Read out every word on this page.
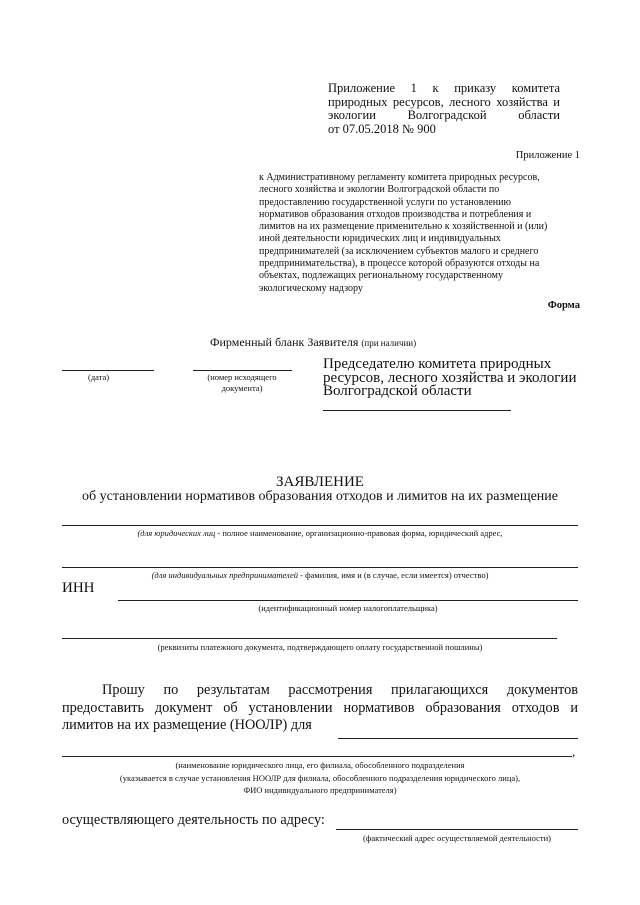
Приложение 1 к приказу комитета
природных ресурсов, лесного хозяйства и
экологии Волгоградской области
от 07.05.2018 № 900
Приложение 1
к Административному регламенту комитета природных ресурсов,
лесного хозяйства и экологии Волгоградской области по
предоставлению государственной услуги по установлению
нормативов образования отходов производства и потребления и
лимитов на их размещение применительно к хозяйственной и (или)
иной деятельности юридических лиц и индивидуальных
предпринимателей (за исключением субъектов малого и среднего
предпринимательства), в процессе которой образуются отходы на
объектах, подлежащих региональному государственному
экологическому надзору
Форма
Фирменный бланк Заявителя (при наличии)
(дата)	(номер исходящего
документа)
Председателю комитета природных
ресурсов, лесного хозяйства и экологии
Волгоградской области
ЗАЯВЛЕНИЕ
об установлении нормативов образования отходов и лимитов на их размещение
(для юридических лиц - полное наименование, организационно-правовая форма, юридический адрес,
(для индивидуальных предпринимателей - фамилия, имя и (в случае, если имеется) отчество)
ИНН
(идентификационный номер налогоплательщика)
(реквизиты платежного документа, подтверждающего оплату государственной пошлины)
Прошу по результатам рассмотрения прилагающихся документов
предоставить документ об установлении нормативов образования отходов и
лимитов на их размещение (НООЛР) для
,
(наименование юридического лица, его филиала, обособленного подразделения
(указывается в случае установления НООЛР для филиала, обособленного подразделения юридического лица),
ФИО индивидуального предпринимателя)
осуществляющего деятельность по адресу:
(фактический адрес осуществляемой деятельности)
